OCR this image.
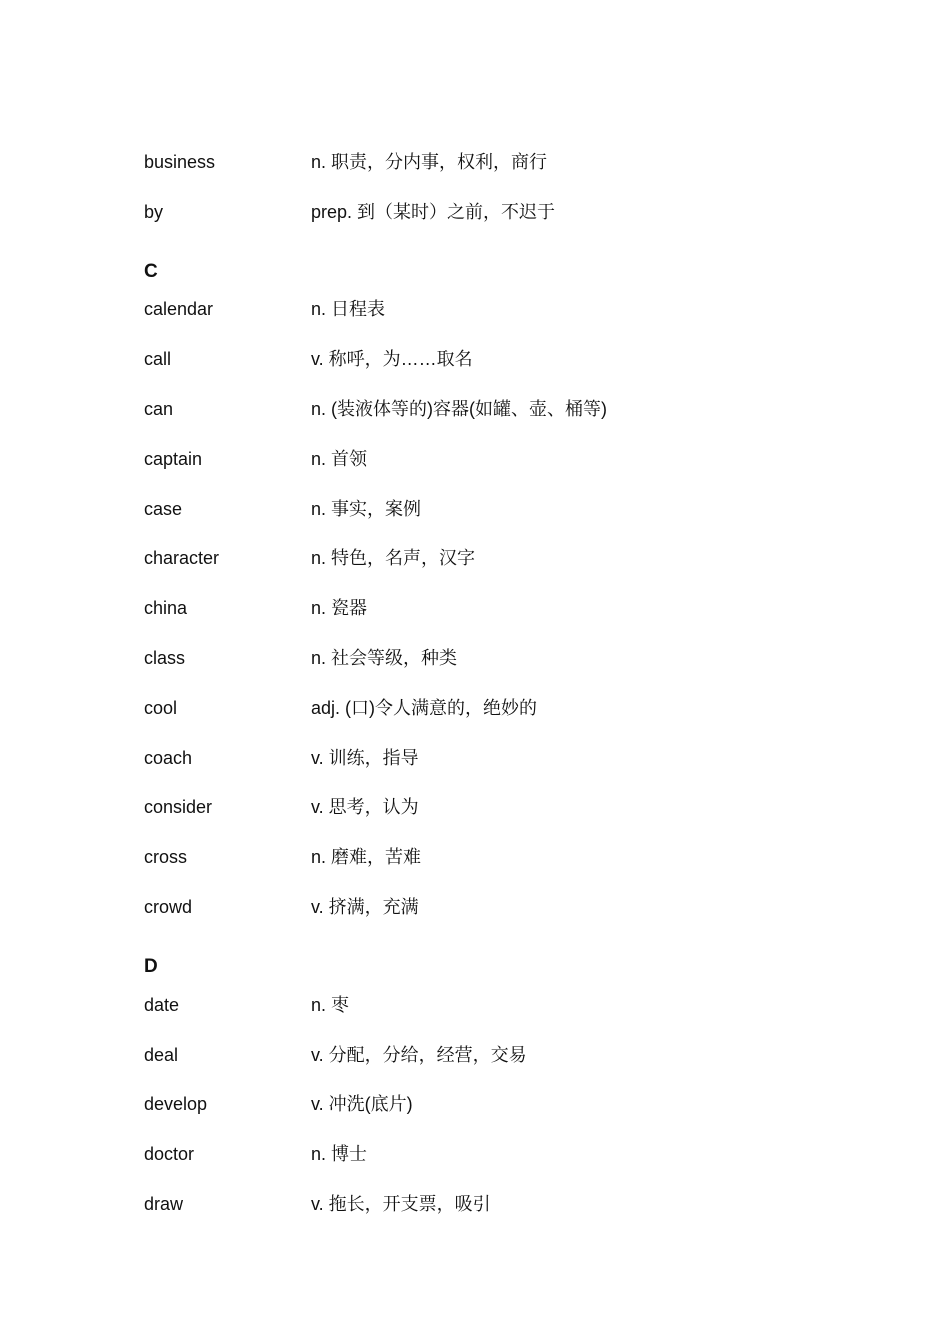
business	n. 职责，分内事，权利，商行
by	prep. 到（某时）之前，不迟于
C
calendar	n. 日程表
call	v. 称呼，为……取名
can	n. (装液体等的)容器(如罐、壶、桶等)
captain	n. 首领
case	n. 事实，案例
character	n. 特色，名声，汉字
china	n. 瓷器
class	n. 社会等级，种类
cool	adj. (口)令人满意的，绝妙的
coach	v. 训练，指导
consider	v. 思考，认为
cross	n. 磨难，苦难
crowd	v. 挤满，充满
D
date	n. 枣
deal	v. 分配，分给，经营，交易
develop	v. 冲洗(底片)
doctor	n. 博士
draw	v. 拖长，开支票，吸引
